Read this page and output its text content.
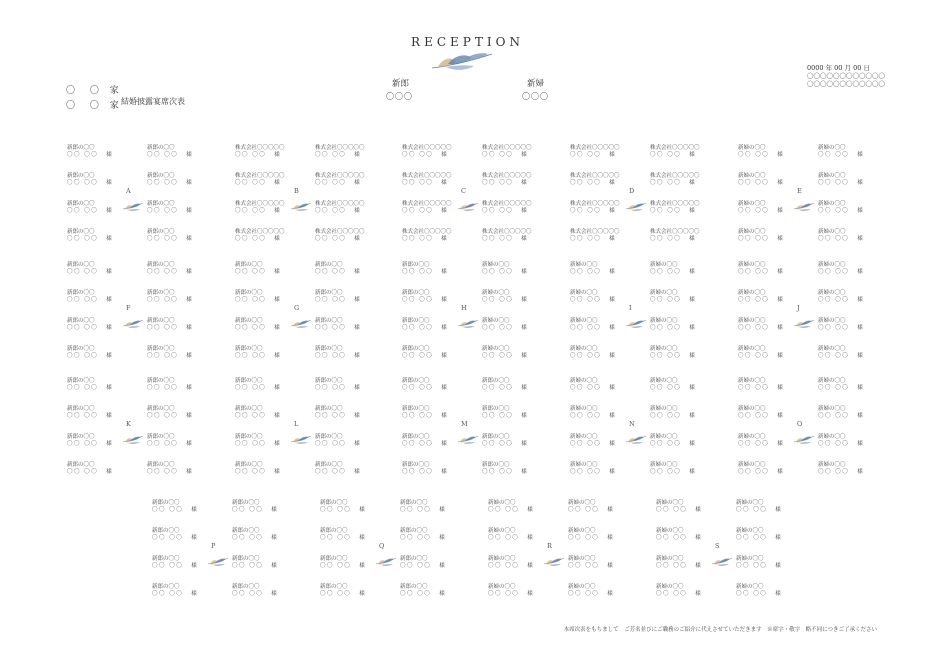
RECEPTION
〇 〇 家
〇 〇 家 結婚披露宴席次表
新郎
〇〇〇
新婦
〇〇〇
0000 年 00 月 00 日
〇〇〇〇〇〇〇〇〇〇〇〇
〇〇〇〇〇〇〇〇〇〇〇〇
新郎の〇〇
〇〇 〇〇 様
新郎の〇〇
〇〇 〇〇 様
新郎の〇〇
〇〇 〇〇 様
新郎の〇〇
〇〇 〇〇 様
新郎の〇〇
〇〇 〇〇 様
新郎の〇〇
〇〇 〇〇 様
新郎の〇〇
〇〇 〇〇 様
新郎の〇〇
〇〇 〇〇 様
A
株式会社〇〇〇〇〇
〇〇 〇〇 様
株式会社〇〇〇〇〇
〇〇 〇〇 様
株式会社〇〇〇〇〇
〇〇 〇〇 様
株式会社〇〇〇〇〇
〇〇 〇〇 様
株式会社〇〇〇〇〇
〇〇 〇〇 様
株式会社〇〇〇〇〇
〇〇 〇〇 様
株式会社〇〇〇〇〇
〇〇 〇〇 様
株式会社〇〇〇〇〇
〇〇 〇〇 様
B
株式会社〇〇〇〇〇
〇〇 〇〇 様
株式会社〇〇〇〇〇
〇〇 〇〇 様
株式会社〇〇〇〇〇
〇〇 〇〇 様
株式会社〇〇〇〇〇
〇〇 〇〇 様
株式会社〇〇〇〇〇
〇〇 〇〇 様
株式会社〇〇〇〇〇
〇〇 〇〇 様
株式会社〇〇〇〇〇
〇〇 〇〇 様
株式会社〇〇〇〇〇
〇〇 〇〇 様
C
株式会社〇〇〇〇〇
〇〇 〇〇 様
株式会社〇〇〇〇〇
〇〇 〇〇 様
株式会社〇〇〇〇〇
〇〇 〇〇 様
株式会社〇〇〇〇〇
〇〇 〇〇 様
株式会社〇〇〇〇〇
〇〇 〇〇 様
株式会社〇〇〇〇〇
〇〇 〇〇 様
株式会社〇〇〇〇〇
〇〇 〇〇 様
株式会社〇〇〇〇〇
〇〇 〇〇 様
D
新婦の〇〇
〇〇 〇〇 様
新婦の〇〇
〇〇 〇〇 様
新婦の〇〇
〇〇 〇〇 様
新婦の〇〇
〇〇 〇〇 様
新婦の〇〇
〇〇 〇〇 様
新婦の〇〇
〇〇 〇〇 様
新婦の〇〇
〇〇 〇〇 様
新婦の〇〇
〇〇 〇〇 様
E
新郎の〇〇
〇〇 〇〇 様
新郎の〇〇
〇〇 〇〇 様
新郎の〇〇
〇〇 〇〇 様
新郎の〇〇
〇〇 〇〇 様
新郎の〇〇
〇〇 〇〇 様
新郎の〇〇
〇〇 〇〇 様
新郎の〇〇
〇〇 〇〇 様
新郎の〇〇
〇〇 〇〇 様
F
新郎の〇〇
〇〇 〇〇 様
新郎の〇〇
〇〇 〇〇 様
新郎の〇〇
〇〇 〇〇 様
新郎の〇〇
〇〇 〇〇 様
新郎の〇〇
〇〇 〇〇 様
新郎の〇〇
〇〇 〇〇 様
新郎の〇〇
〇〇 〇〇 様
新郎の〇〇
〇〇 〇〇 様
G
新郎の〇〇
〇〇 〇〇 様
新婦の〇〇
〇〇 〇〇 様
新郎の〇〇
〇〇 〇〇 様
新婦の〇〇
〇〇 〇〇 様
新郎の〇〇
〇〇 〇〇 様
新婦の〇〇
〇〇 〇〇 様
新郎の〇〇
〇〇 〇〇 様
新婦の〇〇
〇〇 〇〇 様
H
新婦の〇〇
〇〇 〇〇 様
新婦の〇〇
〇〇 〇〇 様
新婦の〇〇
〇〇 〇〇 様
新婦の〇〇
〇〇 〇〇 様
新婦の〇〇
〇〇 〇〇 様
新婦の〇〇
〇〇 〇〇 様
新婦の〇〇
〇〇 〇〇 様
新婦の〇〇
〇〇 〇〇 様
I
新婦の〇〇
〇〇 〇〇 様
新婦の〇〇
〇〇 〇〇 様
新婦の〇〇
〇〇 〇〇 様
新婦の〇〇
〇〇 〇〇 様
新婦の〇〇
〇〇 〇〇 様
新婦の〇〇
〇〇 〇〇 様
新婦の〇〇
〇〇 〇〇 様
新婦の〇〇
〇〇 〇〇 様
J
新郎の〇〇
〇〇 〇〇 様
新郎の〇〇
〇〇 〇〇 様
新郎の〇〇
〇〇 〇〇 様
新郎の〇〇
〇〇 〇〇 様
新郎の〇〇
〇〇 〇〇 様
新郎の〇〇
〇〇 〇〇 様
新郎の〇〇
〇〇 〇〇 様
新郎の〇〇
〇〇 〇〇 様
K
新郎の〇〇
〇〇 〇〇 様
新郎の〇〇
〇〇 〇〇 様
新郎の〇〇
〇〇 〇〇 様
新郎の〇〇
〇〇 〇〇 様
新郎の〇〇
〇〇 〇〇 様
新郎の〇〇
〇〇 〇〇 様
新郎の〇〇
〇〇 〇〇 様
新郎の〇〇
〇〇 〇〇 様
L
新郎の〇〇
〇〇 〇〇 様
新郎の〇〇
〇〇 〇〇 様
新郎の〇〇
〇〇 〇〇 様
新郎の〇〇
〇〇 〇〇 様
新郎の〇〇
〇〇 〇〇 様
新郎の〇〇
〇〇 〇〇 様
新郎の〇〇
〇〇 〇〇 様
新郎の〇〇
〇〇 〇〇 様
M
新婦の〇〇
〇〇 〇〇 様
新婦の〇〇
〇〇 〇〇 様
新婦の〇〇
〇〇 〇〇 様
新婦の〇〇
〇〇 〇〇 様
新婦の〇〇
〇〇 〇〇 様
新婦の〇〇
〇〇 〇〇 様
新婦の〇〇
〇〇 〇〇 様
新婦の〇〇
〇〇 〇〇 様
N
新婦の〇〇
〇〇 〇〇 様
新婦の〇〇
〇〇 〇〇 様
新婦の〇〇
〇〇 〇〇 様
新婦の〇〇
〇〇 〇〇 様
新婦の〇〇
〇〇 〇〇 様
新婦の〇〇
〇〇 〇〇 様
新婦の〇〇
〇〇 〇〇 様
新婦の〇〇
〇〇 〇〇 様
O
新郎の〇〇
〇〇 〇〇 様
新郎の〇〇
〇〇 〇〇 様
新郎の〇〇
〇〇 〇〇 様
新郎の〇〇
〇〇 〇〇 様
新郎の〇〇
〇〇 〇〇 様
新郎の〇〇
〇〇 〇〇 様
新郎の〇〇
〇〇 〇〇 様
新郎の〇〇
〇〇 〇〇 様
P
新郎の〇〇
〇〇 〇〇 様
新郎の〇〇
〇〇 〇〇 様
新郎の〇〇
〇〇 〇〇 様
新郎の〇〇
〇〇 〇〇 様
新郎の〇〇
〇〇 〇〇 様
新郎の〇〇
〇〇 〇〇 様
新郎の〇〇
〇〇 〇〇 様
新郎の〇〇
〇〇 〇〇 様
Q
新婦の〇〇
〇〇 〇〇 様
新婦の〇〇
〇〇 〇〇 様
新婦の〇〇
〇〇 〇〇 様
新婦の〇〇
〇〇 〇〇 様
新婦の〇〇
〇〇 〇〇 様
新婦の〇〇
〇〇 〇〇 様
新婦の〇〇
〇〇 〇〇 様
新婦の〇〇
〇〇 〇〇 様
R
新婦の〇〇
〇〇 〇〇 様
新婦の〇〇
〇〇 〇〇 様
新婦の〇〇
〇〇 〇〇 様
新婦の〇〇
〇〇 〇〇 様
新婦の〇〇
〇〇 〇〇 様
新婦の〇〇
〇〇 〇〇 様
新婦の〇〇
〇〇 〇〇 様
新婦の〇〇
〇〇 〇〇 様
S
本席次表をもちまして　ご芳名並びにご職務のご紹介に代えさせていただきます　※席字・敬字　略不同につきご了承ください
